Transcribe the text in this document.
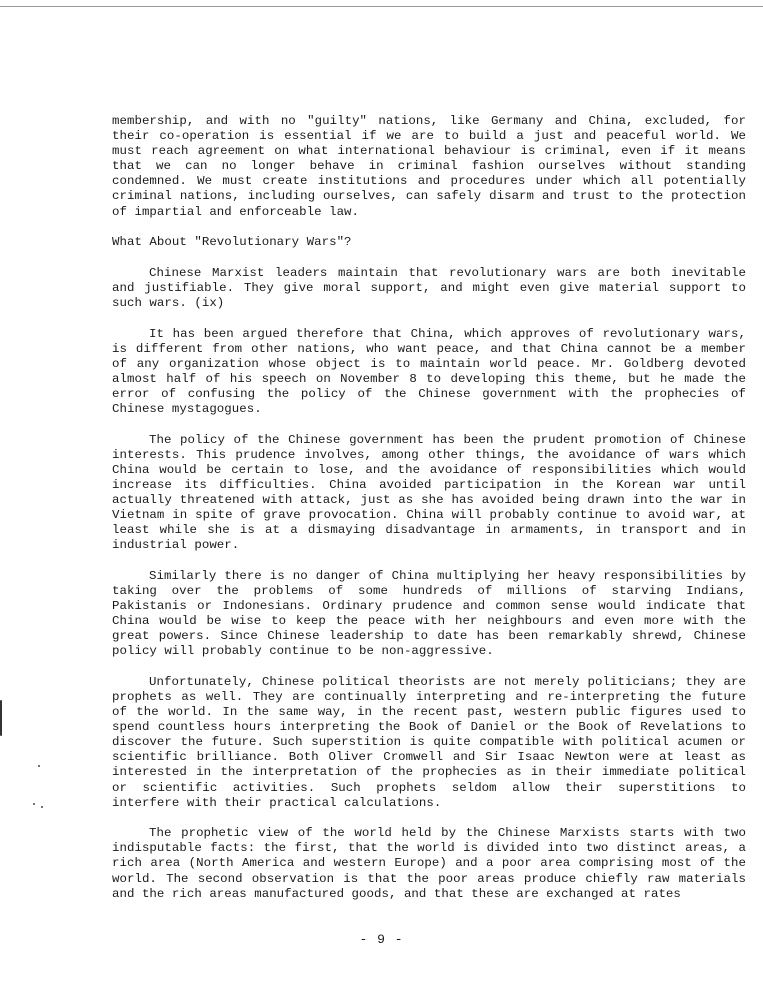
membership, and with no "guilty" nations, like Germany and China, excluded, for their co-operation is essential if we are to build a just and peaceful world. We must reach agreement on what international behaviour is criminal, even if it means that we can no longer behave in criminal fashion ourselves without standing condemned. We must create institutions and procedures under which all potentially criminal nations, including ourselves, can safely disarm and trust to the protection of impartial and enforceable law.

What About "Revolutionary Wars"?

Chinese Marxist leaders maintain that revolutionary wars are both inevitable and justifiable. They give moral support, and might even give material support to such wars. (ix)

It has been argued therefore that China, which approves of revolutionary wars, is different from other nations, who want peace, and that China cannot be a member of any organization whose object is to maintain world peace. Mr. Goldberg devoted almost half of his speech on November 8 to developing this theme, but he made the error of confusing the policy of the Chinese government with the prophecies of Chinese mystagogues.

The policy of the Chinese government has been the prudent promotion of Chinese interests. This prudence involves, among other things, the avoidance of wars which China would be certain to lose, and the avoidance of responsibilities which would increase its difficulties. China avoided participation in the Korean war until actually threatened with attack, just as she has avoided being drawn into the war in Vietnam in spite of grave provocation. China will probably continue to avoid war, at least while she is at a dismaying disadvantage in armaments, in transport and in industrial power.

Similarly there is no danger of China multiplying her heavy responsibilities by taking over the problems of some hundreds of millions of starving Indians, Pakistanis or Indonesians. Ordinary prudence and common sense would indicate that China would be wise to keep the peace with her neighbours and even more with the great powers. Since Chinese leadership to date has been remarkably shrewd, Chinese policy will probably continue to be non-aggressive.

Unfortunately, Chinese political theorists are not merely politicians; they are prophets as well. They are continually interpreting and re-interpreting the future of the world. In the same way, in the recent past, western public figures used to spend countless hours interpreting the Book of Daniel or the Book of Revelations to discover the future. Such superstition is quite compatible with political acumen or scientific brilliance. Both Oliver Cromwell and Sir Isaac Newton were at least as interested in the interpretation of the prophecies as in their immediate political or scientific activities. Such prophets seldom allow their superstitions to interfere with their practical calculations.

The prophetic view of the world held by the Chinese Marxists starts with two indisputable facts: the first, that the world is divided into two distinct areas, a rich area (North America and western Europe) and a poor area comprising most of the world. The second observation is that the poor areas produce chiefly raw materials and the rich areas manufactured goods, and that these are exchanged at rates

- 9 -
